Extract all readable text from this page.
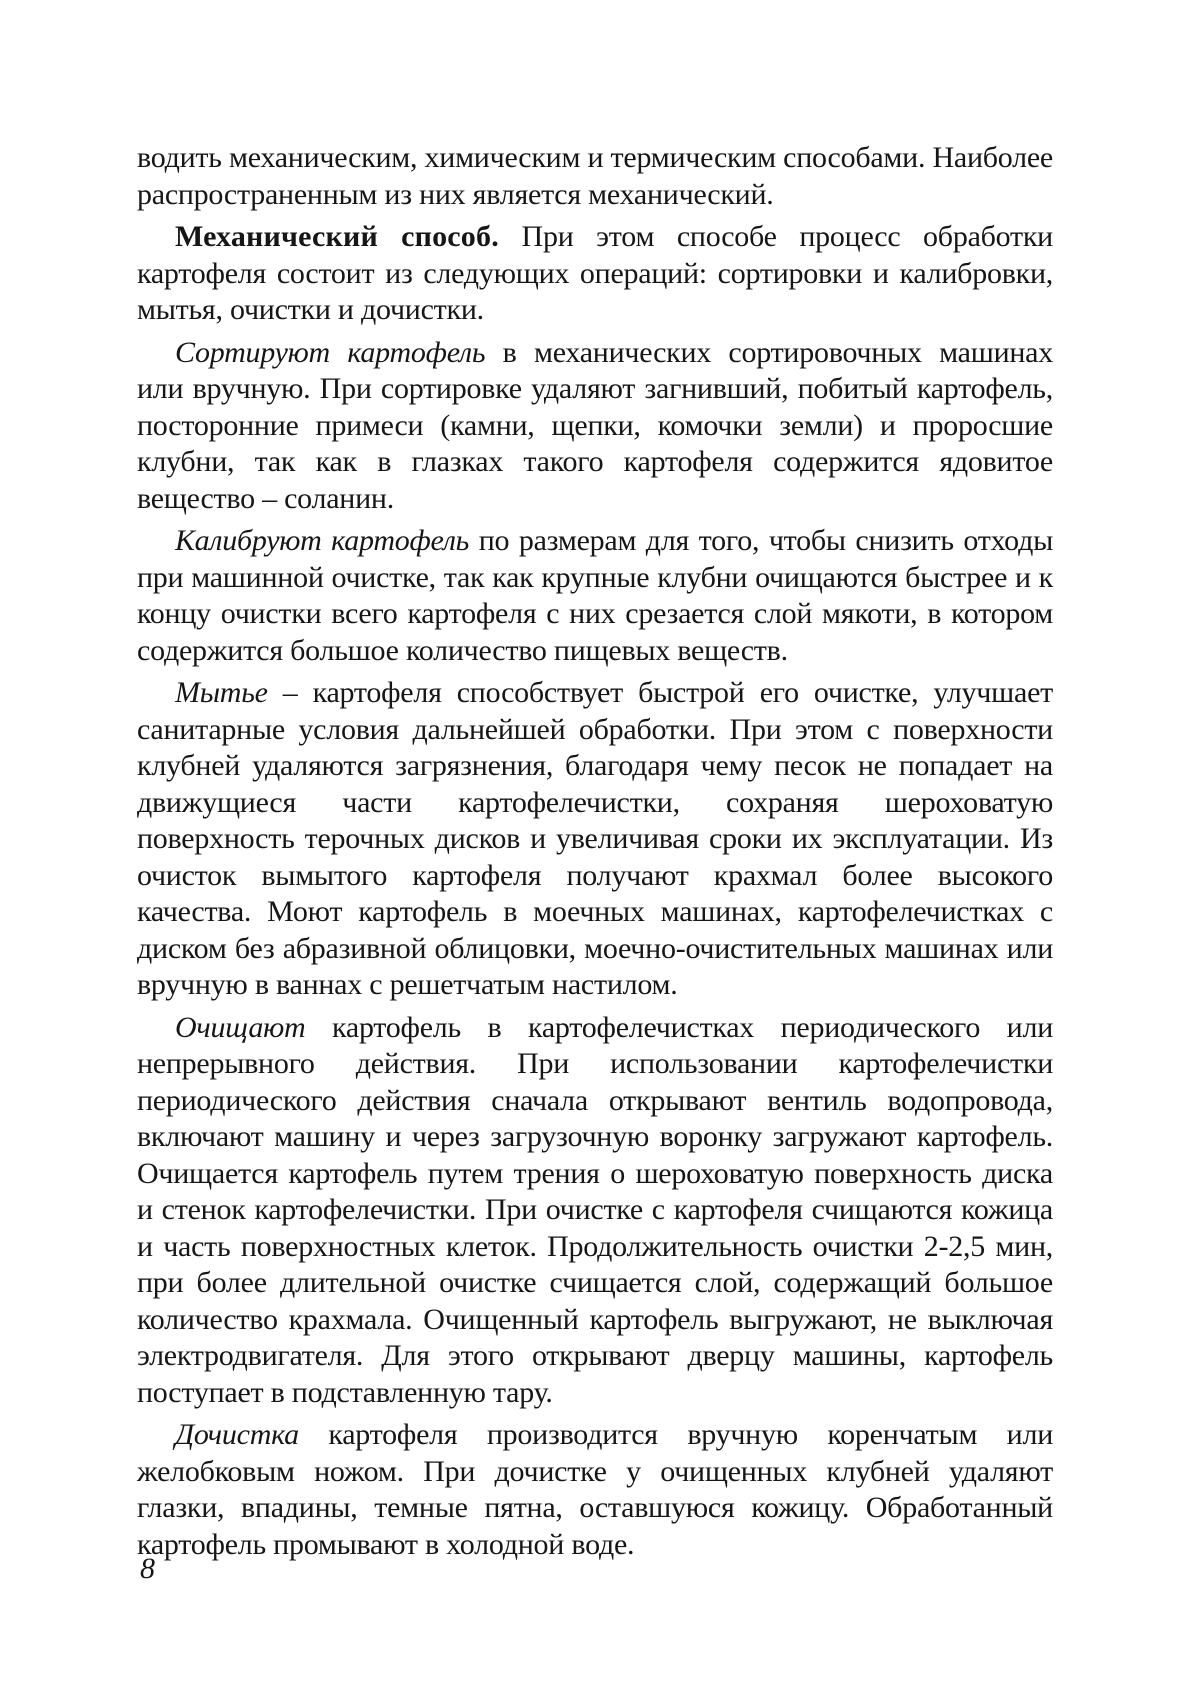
водить механическим, химическим и термическим способами. Наиболее распространенным из них является механический.

Механический способ. При этом способе процесс обработки картофеля состоит из следующих операций: сортировки и калибровки, мытья, очистки и дочистки.

Сортируют картофель в механических сортировочных машинах или вручную. При сортировке удаляют загнивший, побитый картофель, посторонние примеси (камни, щепки, комочки земли) и проросшие клубни, так как в глазках такого картофеля содержится ядовитое вещество – соланин.

Калибруют картофель по размерам для того, чтобы снизить отходы при машинной очистке, так как крупные клубни очищаются быстрее и к концу очистки всего картофеля с них срезается слой мякоти, в котором содержится большое количество пищевых веществ.

Мытье – картофеля способствует быстрой его очистке, улучшает санитарные условия дальнейшей обработки. При этом с поверхности клубней удаляются загрязнения, благодаря чему песок не попадает на движущиеся части картофелечистки, сохраняя шероховатую поверхность терочных дисков и увеличивая сроки их эксплуатации. Из очисток вымытого картофеля получают крахмал более высокого качества. Моют картофель в моечных машинах, картофелечистках с диском без абразивной облицовки, моечно-очистительных машинах или вручную в ваннах с решетчатым настилом.

Очищают картофель в картофелечистках периодического или непрерывного действия. При использовании картофелечистки периодического действия сначала открывают вентиль водопровода, включают машину и через загрузочную воронку загружают картофель. Очищается картофель путем трения о шероховатую поверхность диска и стенок картофелечистки. При очистке с картофеля счищаются кожица и часть поверхностных клеток. Продолжительность очистки 2-2,5 мин, при более длительной очистке счищается слой, содержащий большое количество крахмала. Очищенный картофель выгружают, не выключая электродвигателя. Для этого открывают дверцу машины, картофель поступает в подставленную тару.

Дочистка картофеля производится вручную коренчатым или желобковым ножом. При дочистке у очищенных клубней удаляют глазки, впадины, темные пятна, оставшуюся кожицу. Обработанный картофель промывают в холодной воде.

8
